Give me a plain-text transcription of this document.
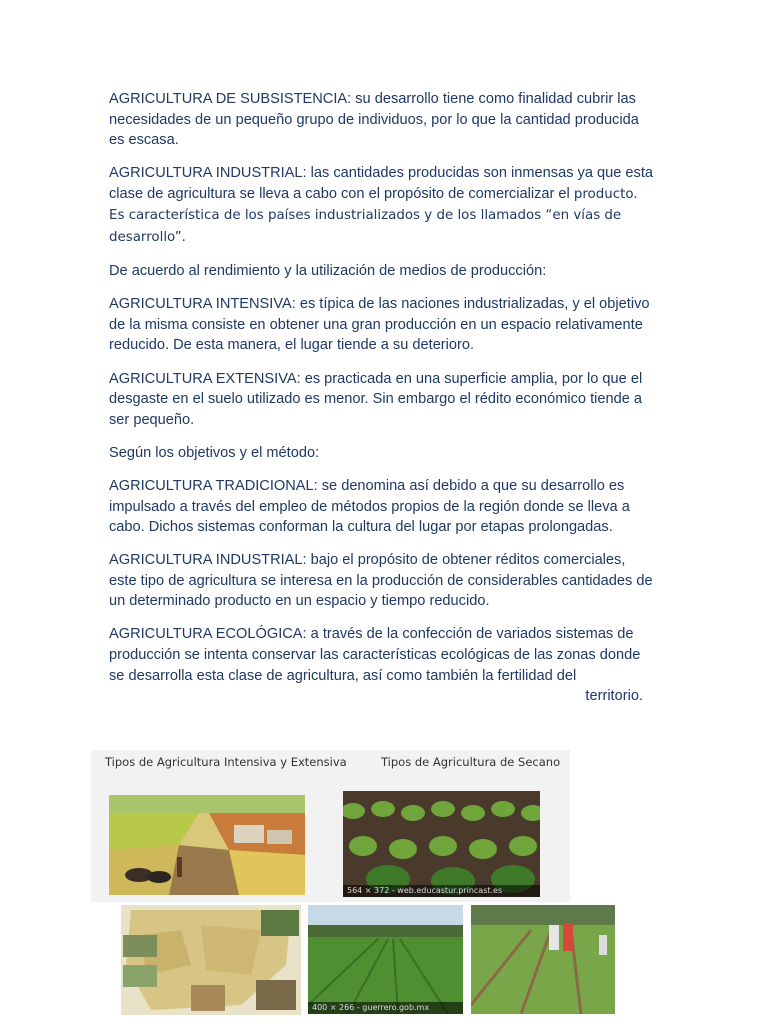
AGRICULTURA DE SUBSISTENCIA: su desarrollo tiene como finalidad cubrir las necesidades de un pequeño grupo de individuos, por lo que la cantidad producida es escasa.

AGRICULTURA INDUSTRIAL: las cantidades producidas son inmensas ya que esta clase de agricultura se lleva a cabo con el propósito de comercializar el producto. Es característica de los países industrializados y de los llamados “en vías de desarrollo”.

De acuerdo al rendimiento y la utilización de medios de producción:

AGRICULTURA INTENSIVA: es típica de las naciones industrializadas, y el objetivo de la misma consiste en obtener una gran producción en un espacio relativamente reducido. De esta manera, el lugar tiende a su deterioro.

AGRICULTURA EXTENSIVA: es practicada en una superficie amplia, por lo que el desgaste en el suelo utilizado es menor. Sin embargo el rédito económico tiende a ser pequeño.

Según los objetivos y el método:

AGRICULTURA TRADICIONAL: se denomina así debido a que su desarrollo es impulsado a través del empleo de métodos propios de la región donde se lleva a cabo. Dichos sistemas conforman la cultura del lugar por etapas prolongadas.

AGRICULTURA INDUSTRIAL: bajo el propósito de obtener réditos comerciales, este tipo de agricultura se interesa en la producción de considerables cantidades de un determinado producto en un espacio y tiempo reducido.

AGRICULTURA ECOLÓGICA: a través de la confección de variados sistemas de producción se intenta conservar las características ecológicas de las zonas donde se desarrolla esta clase de agricultura, así como también la fertilidad del
territorio.

Tipos de Agricultura Intensiva y Extensiva	Tipos de Agricultura de Secano
564 × 372 - web.educastur.princast.es
400 × 266 - guerrero.gob.mx
